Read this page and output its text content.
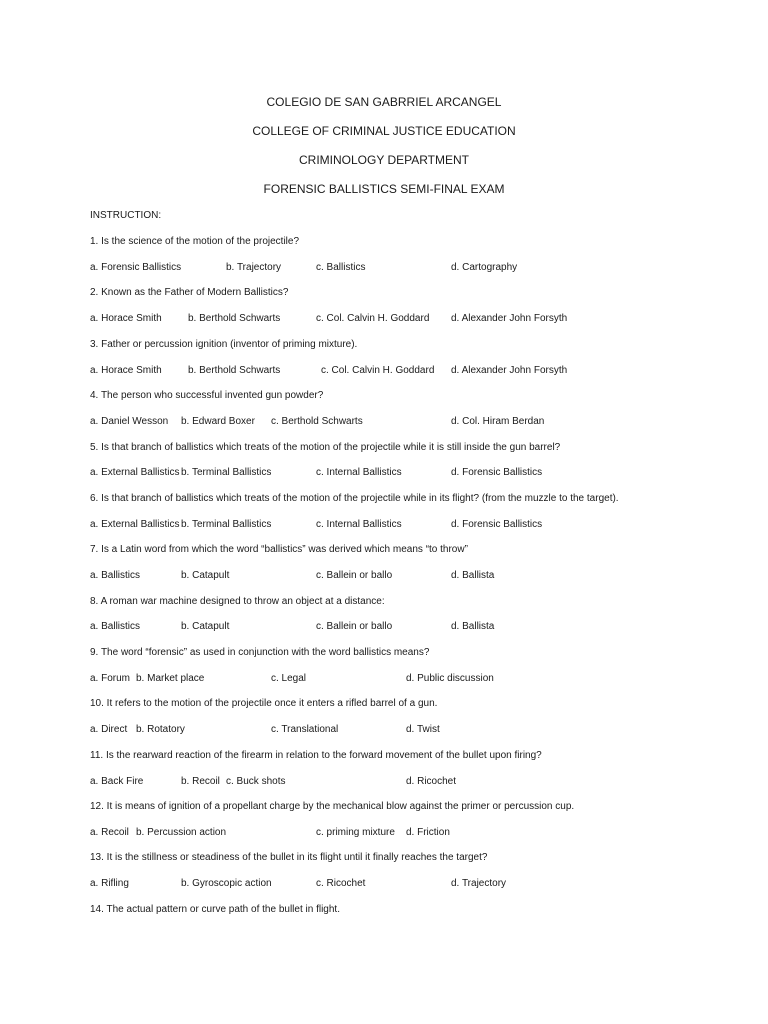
COLEGIO DE SAN GABRRIEL ARCANGEL
COLLEGE OF CRIMINAL JUSTICE EDUCATION
CRIMINOLOGY DEPARTMENT
FORENSIC BALLISTICS SEMI-FINAL EXAM
INSTRUCTION:
1. Is the science of the motion of the projectile?
a. Forensic Ballistics	b. Trajectory	c. Ballistics	d. Cartography
2. Known as the Father of Modern Ballistics?
a. Horace Smith	b. Berthold Schwarts	c. Col. Calvin H. Goddard d. Alexander John Forsyth
3. Father or percussion ignition (inventor of priming mixture).
a. Horace Smith	b. Berthold Schwarts	c. Col. Calvin H. Goddard d. Alexander John Forsyth
4. The person who successful invented gun powder?
a. Daniel Wesson b. Edward Boxer c. Berthold Schwarts	d. Col. Hiram Berdan
5. Is that branch of ballistics which treats of the motion of the projectile while it is still inside the gun barrel?
a. External Ballistics b. Terminal Ballistics	c. Internal Ballistics	d. Forensic Ballistics
6. Is that branch of ballistics which treats of the motion of the projectile while in its flight? (from the muzzle to the target).
a. External Ballistics b. Terminal Ballistics	c. Internal Ballistics	d. Forensic Ballistics
7. Is a Latin word from which the word “ballistics” was derived which means “to throw”
a. Ballistics	b. Catapult	c. Ballein or ballo	d. Ballista
8. A roman war machine designed to throw an object at a distance:
a. Ballistics	b. Catapult	c. Ballein or ballo	d. Ballista
9. The word “forensic” as used in conjunction with the word ballistics means?
a. Forum b. Market place	c. Legal	d. Public discussion
10. It refers to the motion of the projectile once it enters a rifled barrel of a gun.
a. Direct b. Rotatory	c. Translational	d. Twist
11. Is the rearward reaction of the firearm in relation to the forward movement of the bullet upon firing?
a. Back Fire	b. Recoil c. Buck shots	d. Ricochet
12. It is means of ignition of a propellant charge by the mechanical blow against the primer or percussion cup.
a. Recoil b. Percussion action	c. priming mixture d. Friction
13. It is the stillness or steadiness of the bullet in its flight until it finally reaches the target?
a. Rifling	b. Gyroscopic action	c. Ricochet	d. Trajectory
14. The actual pattern or curve path of the bullet in flight.
